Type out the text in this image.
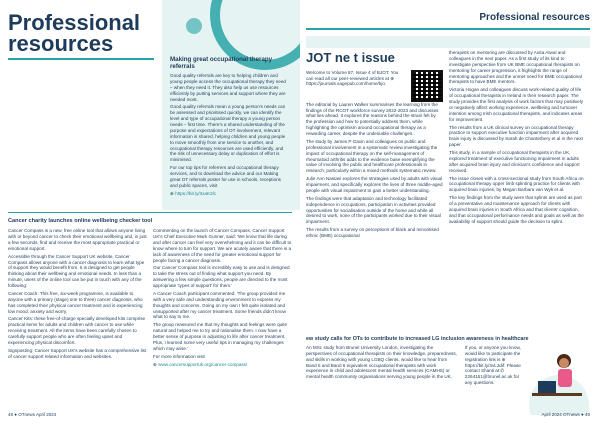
Professional resources
Making great occupational therapy referrals

Good quality referrals are key to helping children and young people access the occupational therapy they need – when they need it. They also help us use resources efficiently by putting services and support where they are needed most.

Good quality referrals mean a young person's needs can be assessed and prioritised quickly, we can identify the level and type of occupational therapy a young person needs – first time. There's a shared understanding of the purpose and expectations of OT involvement, relevant information is shared, helping children and young people to move smoothly from one service to another, and occupational therapy resources are used efficiently, and the risk of unnecessary delay or duplication of effort is minimised.

For our top tips for referrers and occupational therapy services, and to download the advice and our Making great OT referrals poster for use in schools, receptions and public spaces, visit

⊕ https://bit.ly/3xaK2lc

Cancer charity launches online wellbeing checker tool

Cancer Compass is a new, free online tool that allows anyone living with or beyond cancer to check their emotional wellbeing and, in just a few seconds, find and receive the most appropriate practical or emotional support.

Accessible through the Cancer Support UK website, Cancer Compass allows anyone with a cancer diagnosis to learn what type of support they would benefit from. It is designed to get people thinking about their wellbeing and emotional needs. In less than a minute, users of the online tool can be put in touch with any of the following:

Cancer Coach: This free, six-week programme, is available to anyone with a primary (stage) one to three) cancer diagnosis, who has completed their physical cancer treatment and is experiencing low mood, anxiety and worry.

Cancer Kits: these free-of-charge specially developed kits comprise practical items for adults and children with cancer to use while receiving treatment. All the items have been carefully chosen to carefully support people who are often feeling upset and experiencing physical discomfort.

Signposting: Cancer Support UK's website has a comprehensive list of cancer support related information and websites.

Commenting on the launch of Cancer Compass, Cancer Support UK's Chief Executive Mark Gunner, said: 'We know that life during and after cancer can feel very overwhelming and it can be difficult to know where to turn for support. We are acutely aware that there is a lack of awareness of the need for greater emotional support for people facing a cancer diagnosis.

Our Cancer Compass tool is incredibly easy to use and is designed to take the stress out of finding what support you need. By answering a few simple questions, people are directed to the most appropriate 'types of support' for them.'

A Cancer Coach participant commented: 'The group provided me with a very safe and understanding environment to express my thoughts and concerns. Going on my own I felt quite isolated and unsupported after my cancer treatment. Some friends didn't know what to say to me.

The group reassured me that my thoughts and feelings were quite natural and helped me to try and rationalise them. I now have a better sense of purpose in adjusting to life after cancer treatment. Plus, I learned some very useful tips in managing my challenges which may arise.'

For more information visit

⊕ www.cancersupportuk.org/cancer-compass/

48 ● OTnews April 2024
Professional resources
JOT ne t issue

Welcome to Volume 87, Issue 4 of BJOT. You can read all our peer-reviewed articles at ⊕ https://journals.sagepub.com/home/bjo.

The editorial by Lauren Walker summarises the learning from the findings of the RCOT workforce survey 2022-2023 and discusses what lies ahead. It explores the reasons behind the strain felt by the profession and how to potentially address them, while highlighting the optimism around occupational therapy as a rewarding career, despite the undeniable challenges.

The study by James P Gavin and colleagues on public and professional involvement in a systematic review investigating the impact of occupational therapy on the self-management of rheumatoid arthritis adds to the evidence base exemplifying the value of involving the public and healthcare professionals in research, particularly within a mixed methods systematic review.

Julie Ann Nastasi explores the strategies used by adults with visual impairment, and specifically explores the lives of three middle-aged people with visual impairment to gain a better understanding.

The findings were that adaptation and technology facilitated independence in occupations, participation in activities provided opportunities for socialisation outside of the home and while all desired to work, none of the participants worked due to their visual impairment.

The results from a survey on perceptions of black and minoritised ethnic (BME) occupational

therapists on mentoring are discussed by Anita Atwal and colleagues in the next paper. As a first study of its kind to investigate perspective from UK BME occupational therapists on mentoring for career progression, it highlights the range of mentoring approaches and the unmet need for BME occupational therapists to have BME mentors.

Victoria Hogan and colleagues discuss work-related quality of life of occupational therapists in Ireland in their research paper. The study provides the first analysis of work factors that may positively or negatively affect working experience, wellbeing and turnover intention among Irish occupational therapists, and indicates areas for improvement.

The results from a UK clinical survey on occupational therapy practice to support executive function impairment after acquired brain injury is discussed by Sarah de Chanterbery et al in the next paper.

This study, in a sample of occupational therapists in the UK, explored treatment of executive functioning impairment in adults after acquired brain injury and clinician's confidence and support received.

The issue closes with a cross-sectional study from South Africa on occupational therapy upper limb splinting practice for clients with acquired brain injuries, by Megan Barbara van Wyk et al.

The key findings from the study were that splints are used as part of a preventative and maintenance approach for clients with acquired brain injuries in South Africa and that clients' cognition, and that occupational performance needs and goals as well as the availability of support should guide the decision to splint.

ew study calls for OTs to contribute to increased LG inclusion awareness in healthcare

An MSc study from Brunel University London, investigating the perspectives of occupational therapists on their knowledge, preparedness, and skills in working with young LGBQ clients, would like to hear from Band 5 and Band 6 equivalent occupational therapists with work experience in child and adolescent mental health services (CAMHS) or mental health community organisations serving young people in the UK.

If you, or anyone you know, would like to participate the registration link is ⊕ https://bit.ly/3vL3dif. Please contact Shanti at ✆ 2264151@brunel.ac.uk for any questions.

April 2024 OTnews ● 49
